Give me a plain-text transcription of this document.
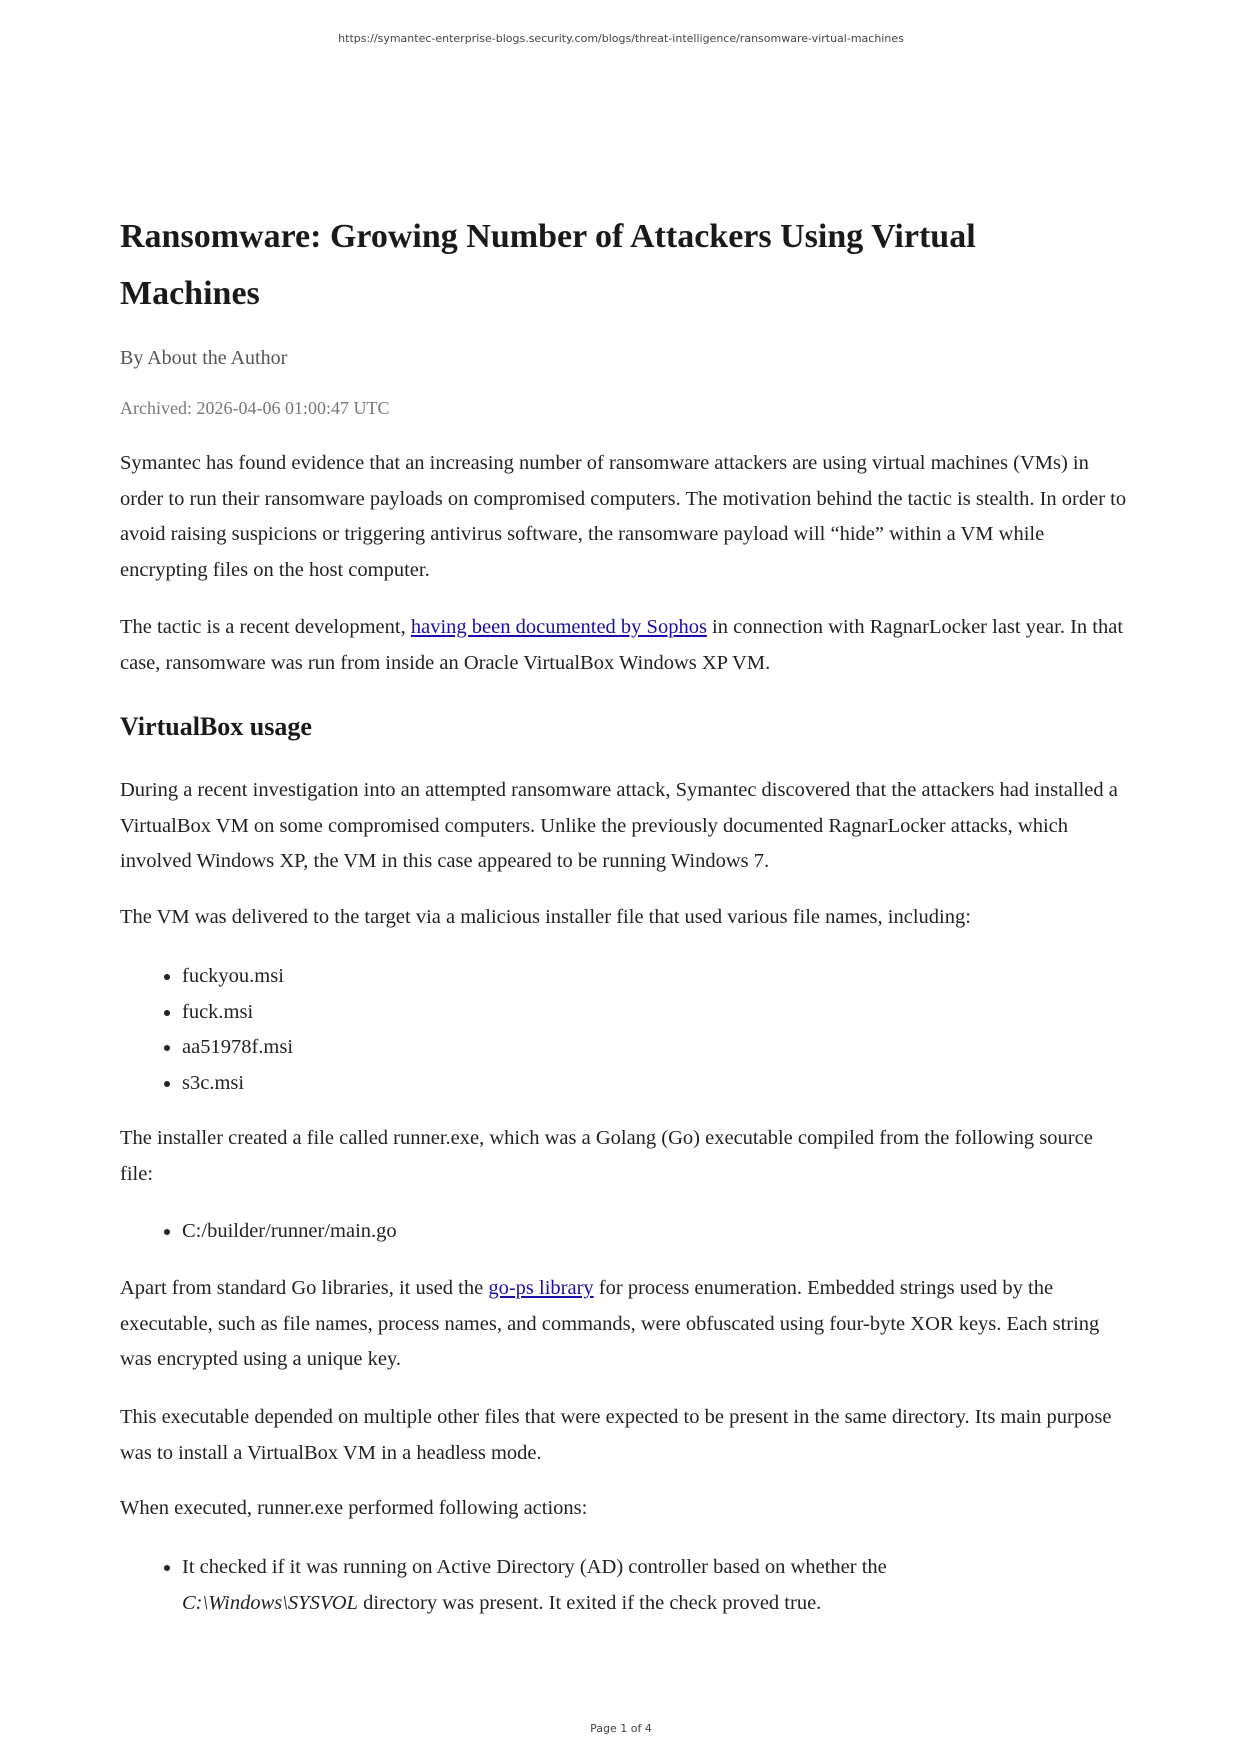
https://symantec-enterprise-blogs.security.com/blogs/threat-intelligence/ransomware-virtual-machines
Ransomware: Growing Number of Attackers Using Virtual Machines

By About the Author

Archived: 2026-04-06 01:00:47 UTC

Symantec has found evidence that an increasing number of ransomware attackers are using virtual machines (VMs) in order to run their ransomware payloads on compromised computers. The motivation behind the tactic is stealth. In order to avoid raising suspicions or triggering antivirus software, the ransomware payload will “hide” within a VM while encrypting files on the host computer.

The tactic is a recent development, having been documented by Sophos in connection with RagnarLocker last year. In that case, ransomware was run from inside an Oracle VirtualBox Windows XP VM.

VirtualBox usage

During a recent investigation into an attempted ransomware attack, Symantec discovered that the attackers had installed a VirtualBox VM on some compromised computers. Unlike the previously documented RagnarLocker attacks, which involved Windows XP, the VM in this case appeared to be running Windows 7.

The VM was delivered to the target via a malicious installer file that used various file names, including:

• fuckyou.msi
• fuck.msi
• aa51978f.msi
• s3c.msi

The installer created a file called runner.exe, which was a Golang (Go) executable compiled from the following source file:

• C:/builder/runner/main.go

Apart from standard Go libraries, it used the go-ps library for process enumeration. Embedded strings used by the executable, such as file names, process names, and commands, were obfuscated using four-byte XOR keys. Each string was encrypted using a unique key.

This executable depended on multiple other files that were expected to be present in the same directory. Its main purpose was to install a VirtualBox VM in a headless mode.

When executed, runner.exe performed following actions:

• It checked if it was running on Active Directory (AD) controller based on whether the C:\Windows\SYSVOL directory was present. It exited if the check proved true.
Page 1 of 4
